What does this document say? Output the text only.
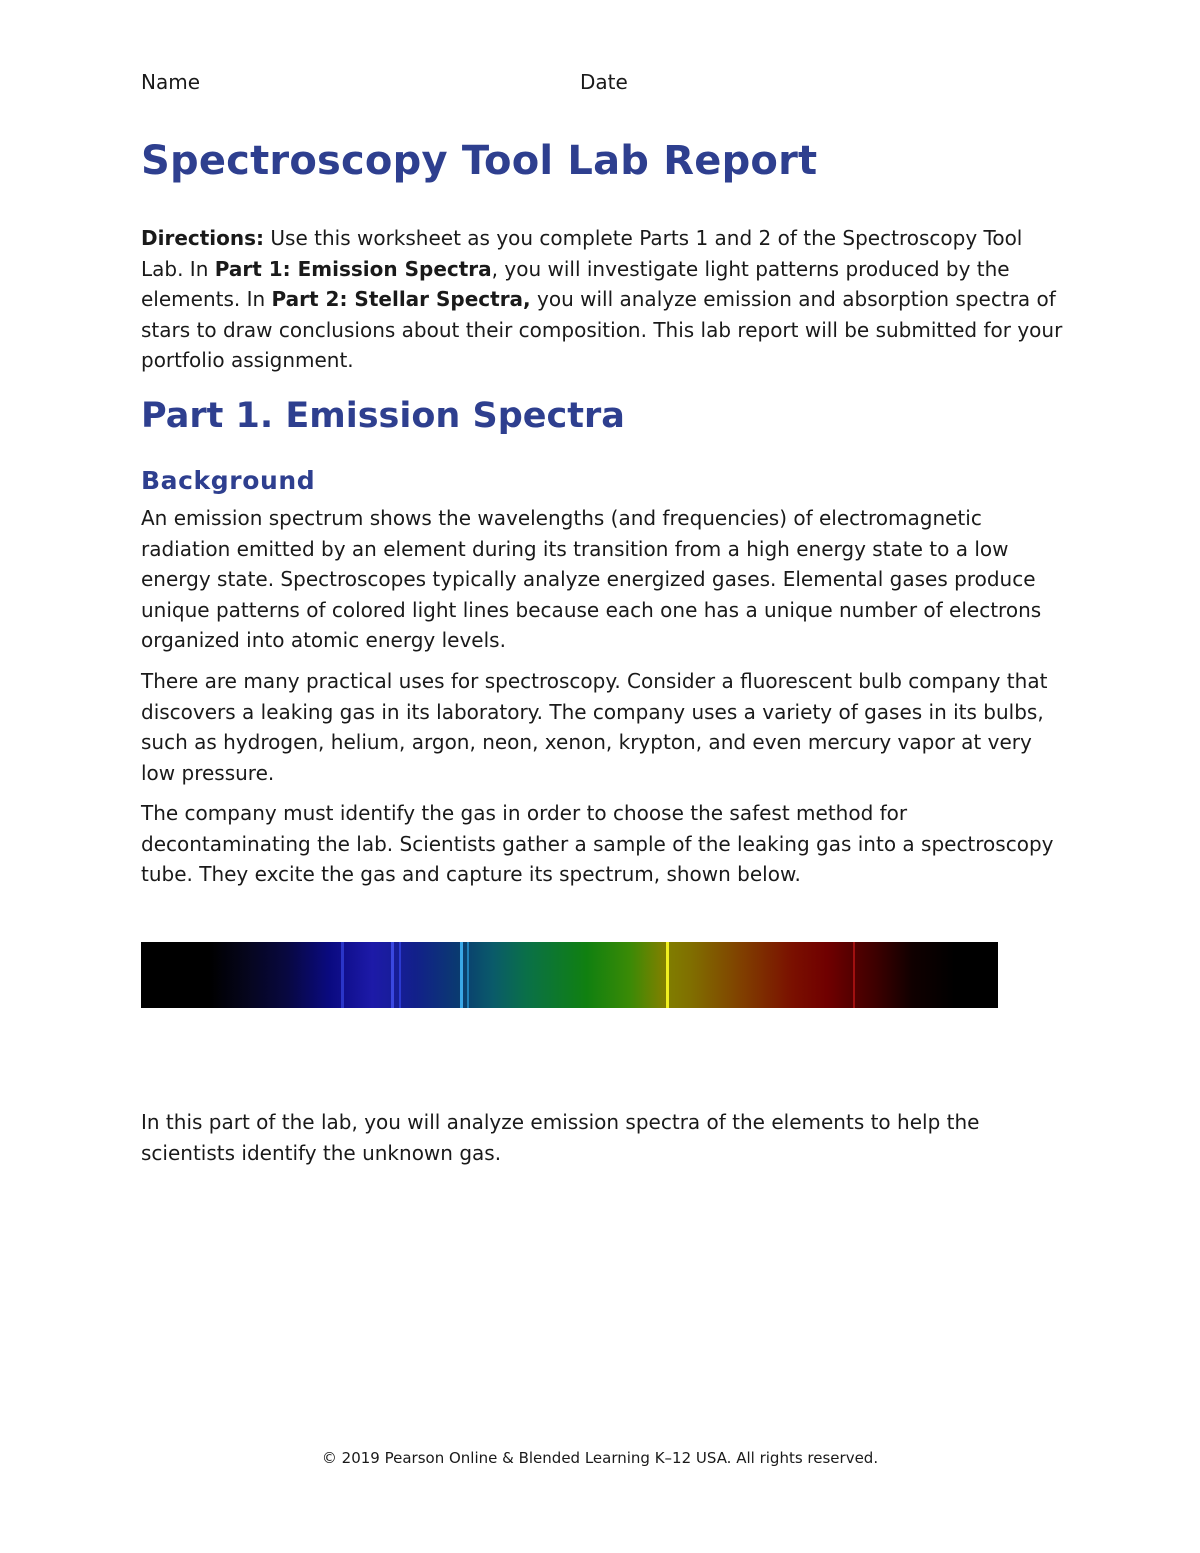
Name	Date
Spectroscopy Tool Lab Report

Directions: Use this worksheet as you complete Parts 1 and 2 of the Spectroscopy Tool Lab. In Part 1: Emission Spectra, you will investigate light patterns produced by the elements. In Part 2: Stellar Spectra, you will analyze emission and absorption spectra of stars to draw conclusions about their composition. This lab report will be submitted for your portfolio assignment.

Part 1. Emission Spectra
Background

An emission spectrum shows the wavelengths (and frequencies) of electromagnetic radiation emitted by an element during its transition from a high energy state to a low energy state. Spectroscopes typically analyze energized gases. Elemental gases produce unique patterns of colored light lines because each one has a unique number of electrons organized into atomic energy levels.

There are many practical uses for spectroscopy. Consider a fluorescent bulb company that discovers a leaking gas in its laboratory. The company uses a variety of gases in its bulbs, such as hydrogen, helium, argon, neon, xenon, krypton, and even mercury vapor at very low pressure.

The company must identify the gas in order to choose the safest method for decontaminating the lab. Scientists gather a sample of the leaking gas into a spectroscopy tube. They excite the gas and capture its spectrum, shown below.

In this part of the lab, you will analyze emission spectra of the elements to help the scientists identify the unknown gas.

© 2019 Pearson Online & Blended Learning K–12 USA. All rights reserved.
